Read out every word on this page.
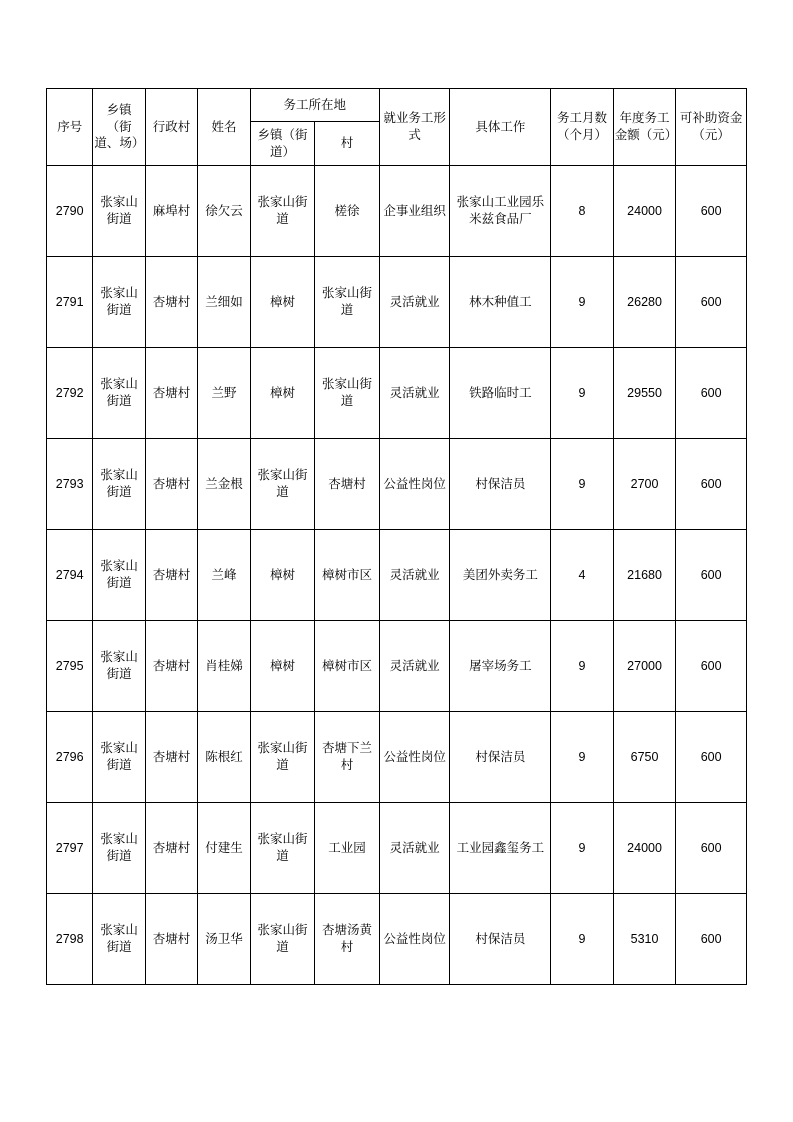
序号	乡镇（街道、场）	行政村	姓名	务工所在地		就业务工形式	具体工作	务工月数（个月）	年度务工金额（元）	可补助资金（元）
				乡镇（街道）	村					
2790	张家山街道	麻埠村	徐欠云	张家山街道	槎徐	企事业组织	张家山工业园乐米兹食品厂	8	24000	600
2791	张家山街道	杏塘村	兰细如	樟树	张家山街道	灵活就业	林木种值工	9	26280	600
2792	张家山街道	杏塘村	兰野	樟树	张家山街道	灵活就业	铁路临时工	9	29550	600
2793	张家山街道	杏塘村	兰金根	张家山街道	杏塘村	公益性岗位	村保洁员	9	2700	600
2794	张家山街道	杏塘村	兰峰	樟树	樟树市区	灵活就业	美团外卖务工	4	21680	600
2795	张家山街道	杏塘村	肖桂娣	樟树	樟树市区	灵活就业	屠宰场务工	9	27000	600
2796	张家山街道	杏塘村	陈根红	张家山街道	杏塘下兰村	公益性岗位	村保洁员	9	6750	600
2797	张家山街道	杏塘村	付建生	张家山街道	工业园	灵活就业	工业园鑫玺务工	9	24000	600
2798	张家山街道	杏塘村	汤卫华	张家山街道	杏塘汤黄村	公益性岗位	村保洁员	9	5310	600
